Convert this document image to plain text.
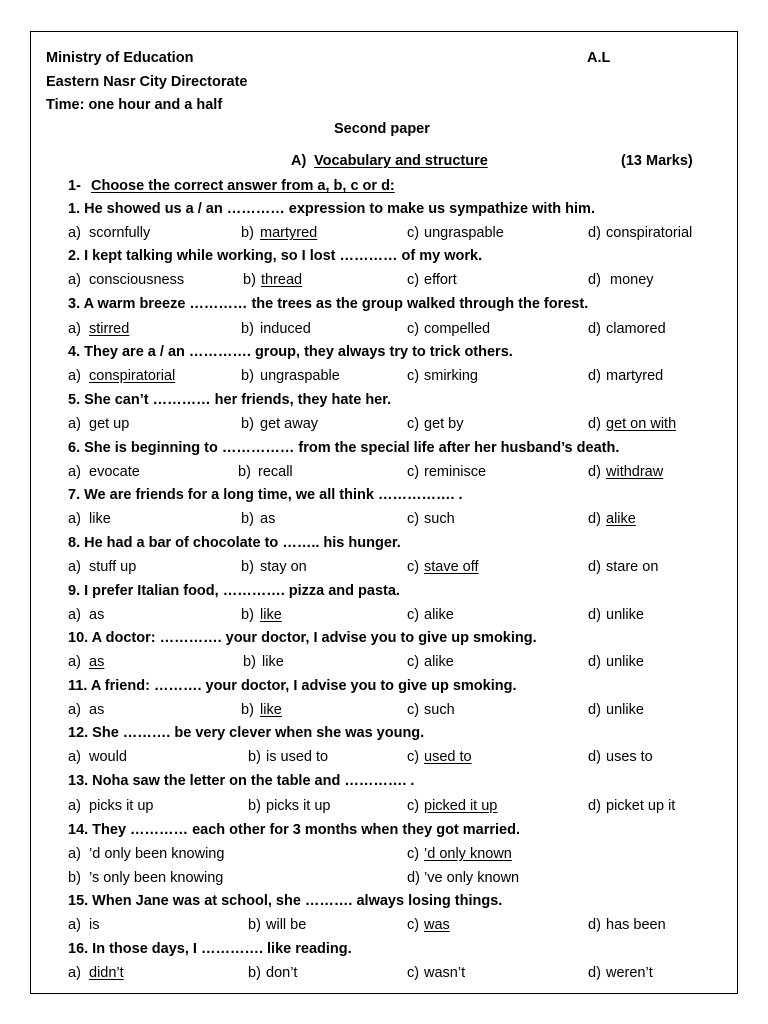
Ministry of Education	A.L
Eastern Nasr City Directorate
Time: one hour and a half
Second paper
A) Vocabulary and structure	(13 Marks)
1- Choose the correct answer from a, b, c or d:
1. He showed us a / an ………… expression to make us sympathize with him.
a) scornfully	b) martyred	c) ungraspable	d) conspiratorial
2. I kept talking while working, so I lost ………… of my work.
a) consciousness	b) thread	c) effort	d) money
3. A warm breeze ………… the trees as the group walked through the forest.
a) stirred	b) induced	c) compelled	d) clamored
4. They are a / an …………. group, they always try to trick others.
a) conspiratorial	b) ungraspable	c) smirking	d) martyred
5. She can’t ………… her friends, they hate her.
a) get up	b) get away	c) get by	d) get on with
6. She is beginning to …………… from the special life after her husband’s death.
a) evocate	b) recall	c) reminisce	d) withdraw
7. We are friends for a long time, we all think ……………. .
a) like	b) as	c) such	d) alike
8. He had a bar of chocolate to …….. his hunger.
a) stuff up	b) stay on	c) stave off	d) stare on
9. I prefer Italian food, …………. pizza and pasta.
a) as	b) like	c) alike	d) unlike
10. A doctor: …………. your doctor, I advise you to give up smoking.
a) as	b) like	c) alike	d) unlike
11. A friend: ………. your doctor, I advise you to give up smoking.
a) as	b) like	c) such	d) unlike
12. She ………. be very clever when she was young.
a) would	b) is used to	c) used to	d) uses to
13. Noha saw the letter on the table and …………. .
a) picks it up	b) picks it up	c) picked it up	d) picket up it
14. They ………… each other for 3 months when they got married.
a) ’d only been knowing	c) ’d only known
b) ’s only been knowing	d) ’ve only known
15. When Jane was at school, she ………. always losing things.
a) is	b) will be	c) was	d) has been
16. In those days, I …………. like reading.
a) didn’t	b) don’t	c) wasn’t	d) weren’t
